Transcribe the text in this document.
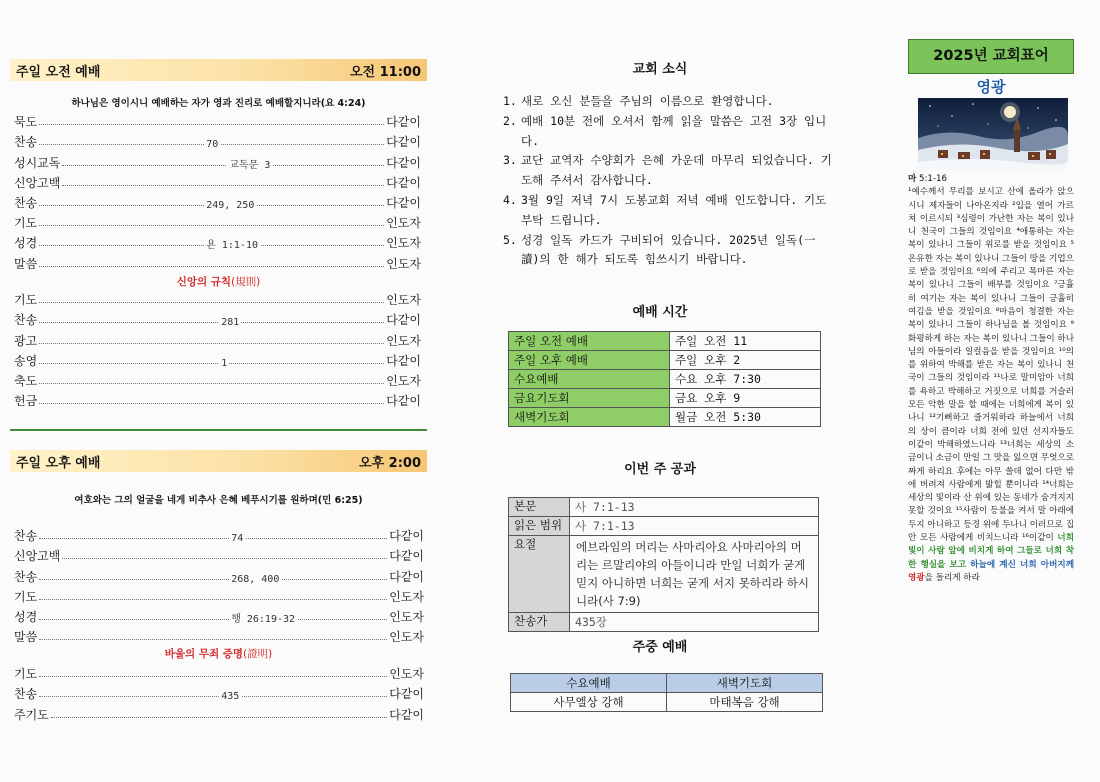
주일 오전 예배	오전 11:00
하나님은 영이시니 예배하는 자가 영과 진리로 예배할지니라(요 4:24)
묵도	다같이
찬송	70	다같이
성시교독	교독문 3	다같이
신앙고백	다같이
찬송	249, 250	다같이
기도	인도자
성경	욘 1:1-10	인도자
말씀	인도자
신앙의 규칙(規則)
기도	인도자
찬송	281	다같이
광고	인도자
송영	1	다같이
축도	인도자
헌금	다같이
주일 오후 예배	오후 2:00
여호와는 그의 얼굴을 네게 비추사 은혜 베푸시기를 원하며(민 6:25)
찬송	74	다같이
신앙고백	다같이
찬송	268, 400	다같이
기도	인도자
성경	행 26:19-32	인도자
말씀	인도자
바울의 무죄 증명(證明)
기도	인도자
찬송	435	다같이
주기도	다같이
교회 소식
1. 새로 오신 분들을 주님의 이름으로 환영합니다.
2. 예배 10분 전에 오셔서 함께 읽을 말씀은 고전 3장 입니다.
3. 교단 교역자 수양회가 은혜 가운데 마무리 되었습니다. 기도해 주셔서 감사합니다.
4. 3월 9일 저녁 7시 도봉교회 저녁 예배 인도합니다. 기도 부탁 드립니다.
5. 성경 일독 카드가 구비되어 있습니다. 2025년 일독(一讀)의 한 해가 되도록 힘쓰시기 바랍니다.
예배 시간
주일 오전 예배	주일 오전 11
주일 오후 예배	주일 오후 2
수요예배	수요 오후 7:30
금요기도회	금요 오후 9
새벽기도회	월금 오전 5:30
이번 주 공과
본문	사 7:1-13
읽은 범위	사 7:1-13
요절	에브라임의 머리는 사마리아요 사마리아의 머리는 르말리야의 아들이니라 만일 너희가 굳게 믿지 아니하면 너희는 굳게 서지 못하리라 하시니라(사 7:9)
찬송가	435장
주중 예배
수요예배	새벽기도회
사무엘상 강해	마태복음 강해
2025년 교회표어
영광
마 5:1-16
¹예수께서 무리를 보시고 산에 올라가 앉으시니 제자들이 나아온지라 ²입을 열어 가르쳐 이르시되 ³심령이 가난한 자는 복이 있나니 천국이 그들의 것임이요 ⁴애통하는 자는 복이 있나니 그들이 위로를 받을 것임이요 ⁵온유한 자는 복이 있나니 그들이 땅을 기업으로 받을 것임이요 ⁶의에 주리고 목마른 자는 복이 있나니 그들이 배부를 것임이요 ⁷긍휼히 여기는 자는 복이 있나니 그들이 긍휼히 여김을 받을 것임이요 ⁸마음이 청결한 자는 복이 있나니 그들이 하나님을 볼 것임이요 ⁹화평하게 하는 자는 복이 있나니 그들이 하나님의 아들이라 일컬음을 받을 것임이요 ¹⁰의를 위하여 박해를 받은 자는 복이 있나니 천국이 그들의 것임이라 ¹¹나로 말미암아 너희를 욕하고 박해하고 거짓으로 너희를 거슬러 모든 악한 말을 할 때에는 너희에게 복이 있나니 ¹²기뻐하고 즐거워하라 하늘에서 너희의 상이 큼이라 너희 전에 있던 선지자들도 이같이 박해하였느니라 ¹³너희는 세상의 소금이니 소금이 만일 그 맛을 잃으면 무엇으로 짜게 하리요 후에는 아무 쓸데 없어 다만 밖에 버려져 사람에게 밟힐 뿐이니라 ¹⁴너희는 세상의 빛이라 산 위에 있는 동네가 숨겨지지 못할 것이요 ¹⁵사람이 등불을 켜서 말 아래에 두지 아니하고 등경 위에 두나니 이러므로 집 안 모든 사람에게 비치느니라 ¹⁶이같이 너희 빛이 사람 앞에 비치게 하여 그들로 너희 착한 행실을 보고 하늘에 계신 너희 아버지께 영광을 돌리게 하라
